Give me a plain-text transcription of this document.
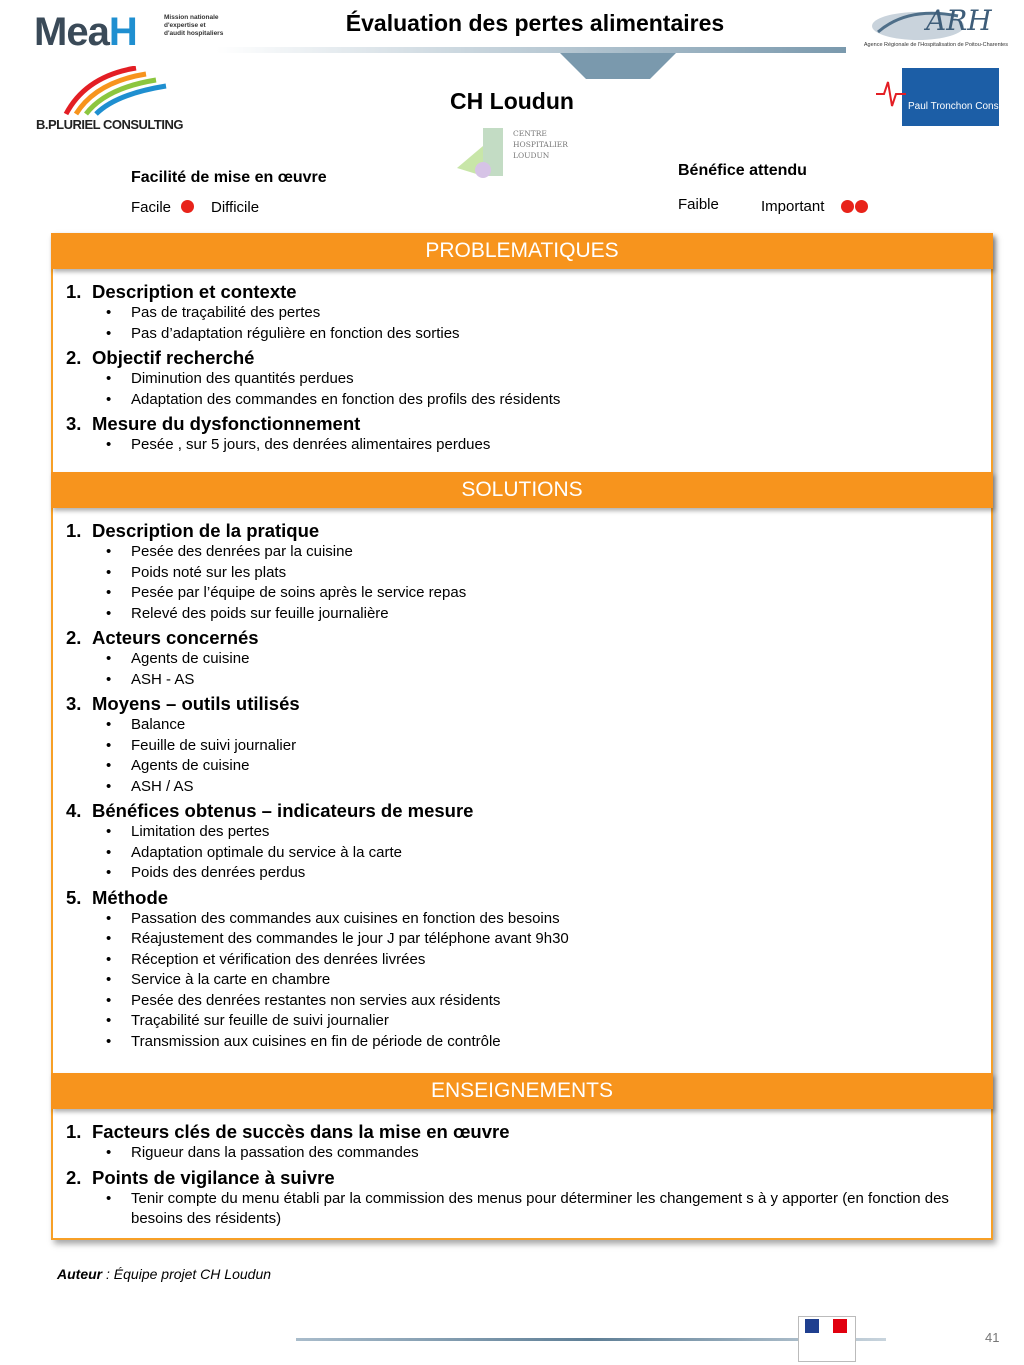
MeaH	Mission nationale d'expertise et d'audit hospitaliers	Évaluation des pertes alimentaires	ARH
Agence Régionale de l'Hospitalisation de Poitou-Charentes
B.PLURIEL CONSULTING
Paul Tronchon Conseil
CH Loudun
CENTRE
HOSPITALIER
LOUDUN
Facilité de mise en œuvre
Facile	Difficile
Bénéfice attendu
Faible	Important
PROBLEMATIQUES
1. Description et contexte
• Pas de traçabilité des pertes
• Pas d’adaptation régulière en fonction des sorties
2. Objectif recherché
• Diminution des quantités perdues
• Adaptation des commandes en fonction des profils des résidents
3. Mesure du dysfonctionnement
• Pesée , sur 5 jours, des denrées alimentaires perdues
SOLUTIONS
1. Description de la pratique
• Pesée des denrées par la cuisine
• Poids noté sur les plats
• Pesée par l’équipe de soins après le service repas
• Relevé des poids sur feuille journalière
2. Acteurs concernés
• Agents de cuisine
• ASH - AS
3. Moyens – outils utilisés
• Balance
• Feuille de suivi journalier
• Agents de cuisine
• ASH / AS
4. Bénéfices obtenus – indicateurs de mesure
• Limitation des pertes
• Adaptation optimale du service à la carte
• Poids des denrées perdus
5. Méthode
• Passation des commandes aux cuisines en fonction des besoins
• Réajustement des commandes le jour J par téléphone avant 9h30
• Réception et vérification des denrées livrées
• Service à la carte en chambre
• Pesée des denrées restantes non servies aux résidents
• Traçabilité sur feuille de suivi journalier
• Transmission aux cuisines en fin de période de contrôle
ENSEIGNEMENTS
1. Facteurs clés de succès dans la mise en œuvre
• Rigueur dans la passation des commandes
2. Points de vigilance à suivre
• Tenir compte du menu établi par la commission des menus pour déterminer les changement s à y apporter (en fonction des besoins des résidents)
Auteur : Équipe projet CH Loudun
41
